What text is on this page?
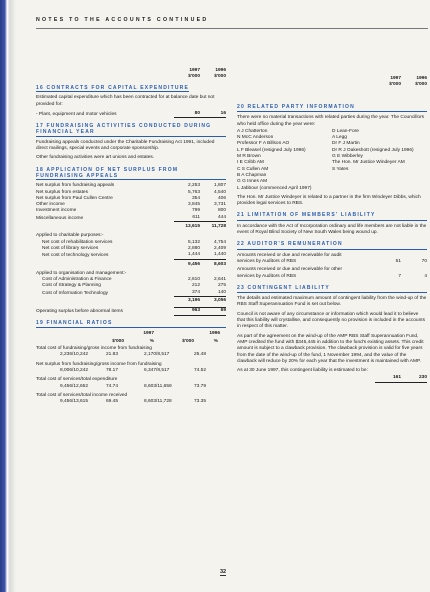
NOTES TO THE ACCOUNTS CONTINUED
1997	1996
$'000	$'000
16 CONTRACTS FOR CAPITAL EXPENDITURE

Estimated capital expenditure which has been contracted for at balance date but not provided for:

- Plant, equipment and motor vehicles	80	16
17 FUNDRAISING ACTIVITIES CONDUCTED DURING FINANCIAL YEAR

Fundraising appeals conducted under the Charitable Fundraising Act 1991, included direct mailings, special events and corporate sponsorship.

Other fundraising activities were art unions and estates.

18 APPLICATION OF NET SURPLUS FROM FUNDRAISING APPEALS
Net surplus from fundraising appeals	2,253	1,807
Net surplus from estates	5,763	4,540
Net surplus from Paul Cullen Centre	354	406
Other income	3,845	3,731
Investment income	799	800
Miscellaneous income	611	444
13,615	11,728
Applied to charitable purposes:-
Net cost of rehabilitation services	5,132	4,754
Net cost of library services	2,880	2,409
Net cost of technology services	1,444	1,440
9,456	8,603
Applied to organisation and management:-
Cost of Administration & Finance	2,610	2,641
Cost of Strategy & Planning	212	275
Cost of Information Technology	374	140
3,196	3,056
Operating surplus before abnormal items	963	69
19 FINANCIAL RATIOS
1997	1996
$'000	%	$'000	%
Total cost of fundraising/gross income from fundraising
2,236/10,242	21.83	2,170/8,517	25.48
Net surplus from fundraising/gross income from fundraising
8,006/10,242	78.17	6,347/8,517	74.52
Total cost of services/total expenditure
9,456/12,652	74.74	8,603/11,659	73.79
Total cost of services/total income received
9,456/13,615	69.45	8,603/11,728	73.35
1997	1996
$'000	$'000
20 RELATED PARTY INFORMATION

There were no material transactions with related parties during the year. The Councillors who held office during the year were:

A J Chatterton
N McC Anderson
Professor F A Billson AO
L F Bleasel (resigned July 1996)
M R Brown
I E Cribb AM
C S Cullen AM
B A Chapman
G G Innes AM
L Jabbour (commenced April 1997)
D Lean-Fore
A Legg
Dr F J Martin
Dr R J Oakeshott (resigned July 1996)
G E Wibberley
The Hon. Mr Justice Windeyer AM
S Yates

The Hon. Mr Justice Windeyer is related to a partner in the firm Windeyer Dibbs, which provides legal services to RBS.

21 LIMITATION OF MEMBERS' LIABILITY

In accordance with the Act of Incorporation ordinary and life members are not liable in the event of Royal Blind Society of New South Wales being wound up.

22 AUDITOR'S REMUNERATION
Amounts received or due and receivable for audit services by Auditors of RBS	51	70
Amounts received or due and receivable for other services by Auditors of RBS	7	4
23 CONTINGENT LIABILITY

The details and estimated maximum amount of contingent liability from the wind-up of the RBS Staff Superannuation Fund is set out below.

Council is not aware of any circumstance or information which would lead it to believe that this liability will crystallise, and consequently no provision is included in the accounts in respect of this matter.

As part of the agreement on the wind-up of the AMP RBS Staff Superannuation Fund, AMP credited the fund with $345,445 in addition to the fund's existing assets. This credit amount is subject to a clawback provision. The clawback provision is valid for five years from the date of the wind-up of the fund, 1 November 1994, and the value of the clawback will reduce by 20% for each year that the investment is maintained with AMP.

As at 30 June 1997, this contingent liability is estimated to be:

161	230
32
